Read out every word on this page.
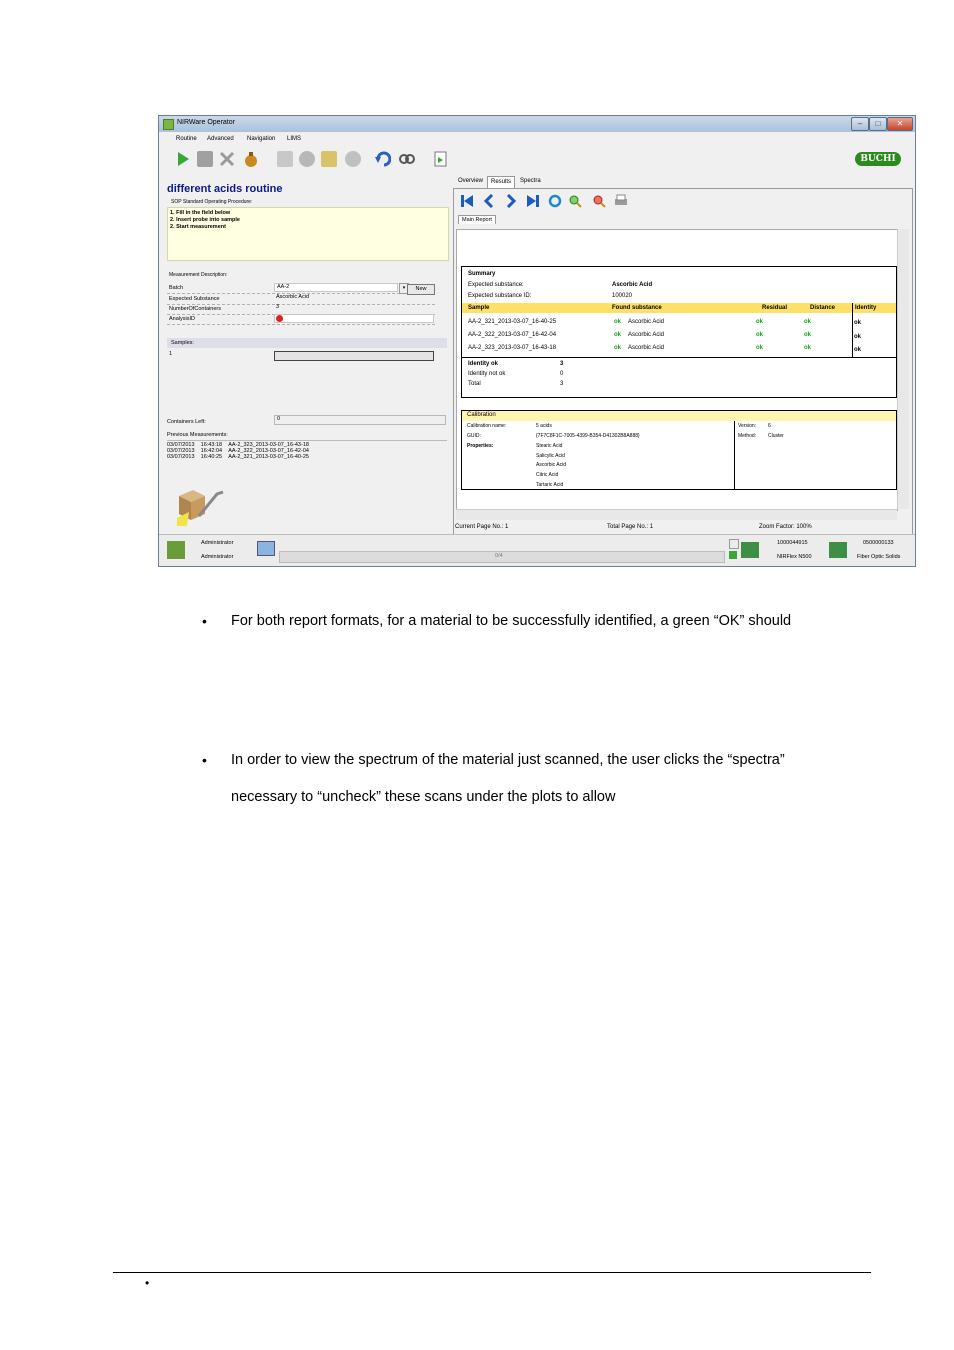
NIRWare Operator	–	□	✕
Routine Advanced Navigation LIMS
BUCHI
different acids routine
SOP Standard Operating Procedure:
1. Fill in the field below
2. Insert probe into sample
2. Start measurement
Measurement Description:
Batch	AA-2	▾	New
Expected Substance	Ascorbic Acid
NumberOfContainers	3
AnalysisID
Samples:
1
Containers Left:	0
Previous Measurements:
03/07/2013 16:43:18 AA-2_323_2013-03-07_16-43-18
03/07/2013 16:42:04 AA-2_322_2013-03-07_16-42-04
03/07/2013 16:40:25 AA-2_321_2013-03-07_16-40-25
Overview	Results	Spectra
Main Report
Summary
Expected substance:	Ascorbic Acid
Expected substance ID:	100020
Sample	Found substance	Residual	Distance	Identity
AA-2_321_2013-03-07_16-40-25	ok Ascorbic Acid	ok	ok	ok
AA-2_322_2013-03-07_16-42-04	ok Ascorbic Acid	ok	ok	ok
AA-2_323_2013-03-07_16-43-18	ok Ascorbic Acid	ok	ok	ok
Identity ok	3
Identity not ok	0
Total	3
Calibration
Calibration name:	5 acids
GUID:	{7F7C8F1C-7005-4399-B354-D41302B8A888}
Properties:	Stearic Acid
Salicylic Acid
Ascorbic Acid
Citric Acid
Tartaric Acid
Version: 6
Method: Cluster
Current Page No.: 1	Total Page No.: 1	Zoom Factor: 100%
Administrator
Administrator	0/4
1000044915
NIRFlex N500
0500000133
Fiber Optic Solids
• For both report formats, for a material to be successfully identified, a green “OK” should
• In order to view the spectrum of the material just scanned, the user clicks the “spectra”
necessary to “uncheck” these scans under the plots to allow
•
